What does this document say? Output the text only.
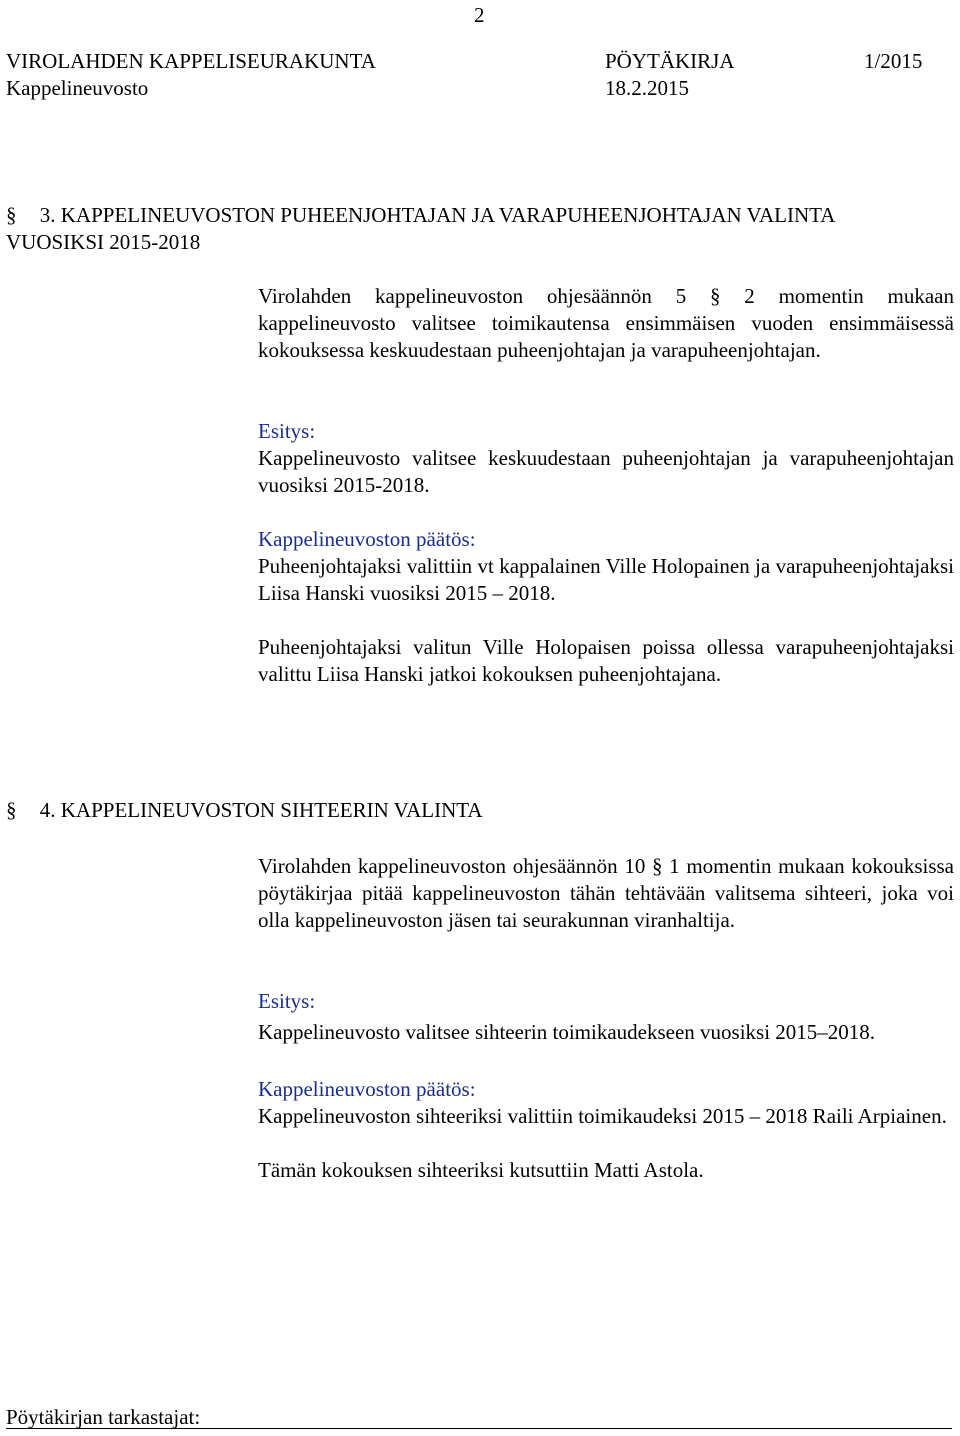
2
VIROLAHDEN KAPPELISEURAKUNTA	PÖYTÄKIRJA	1/2015
Kappelineuvosto	18.2.2015
§ 3. KAPPELINEUVOSTON PUHEENJOHTAJAN JA VARAPUHEENJOHTAJAN VALINTA
VUOSIKSI 2015-2018
Virolahden kappelineuvoston ohjesäännön 5 § 2 momentin mukaan kappelineuvosto valitsee toimikautensa ensimmäisen vuoden ensimmäisessä kokouksessa keskuudestaan puheenjohtajan ja varapuheenjohtajan.
Esitys:
Kappelineuvosto valitsee keskuudestaan puheenjohtajan ja varapuheenjohtajan vuosiksi 2015-2018.
Kappelineuvoston päätös:
Puheenjohtajaksi valittiin vt kappalainen Ville Holopainen ja varapuheenjohtajaksi Liisa Hanski vuosiksi 2015 – 2018.
Puheenjohtajaksi valitun Ville Holopaisen poissa ollessa varapuheenjohtajaksi valittu Liisa Hanski jatkoi kokouksen puheenjohtajana.
§ 4. KAPPELINEUVOSTON SIHTEERIN VALINTA
Virolahden kappelineuvoston ohjesäännön 10 § 1 momentin mukaan kokouksissa pöytäkirjaa pitää kappelineuvoston tähän tehtävään valitsema sihteeri, joka voi olla kappelineuvoston jäsen tai seurakunnan viranhaltija.
Esitys:
Kappelineuvosto valitsee sihteerin toimikaudekseen vuosiksi 2015–2018.
Kappelineuvoston päätös:
Kappelineuvoston sihteeriksi valittiin toimikaudeksi 2015 – 2018 Raili Arpiainen.
Tämän kokouksen sihteeriksi kutsuttiin Matti Astola.
Pöytäkirjan tarkastajat:
